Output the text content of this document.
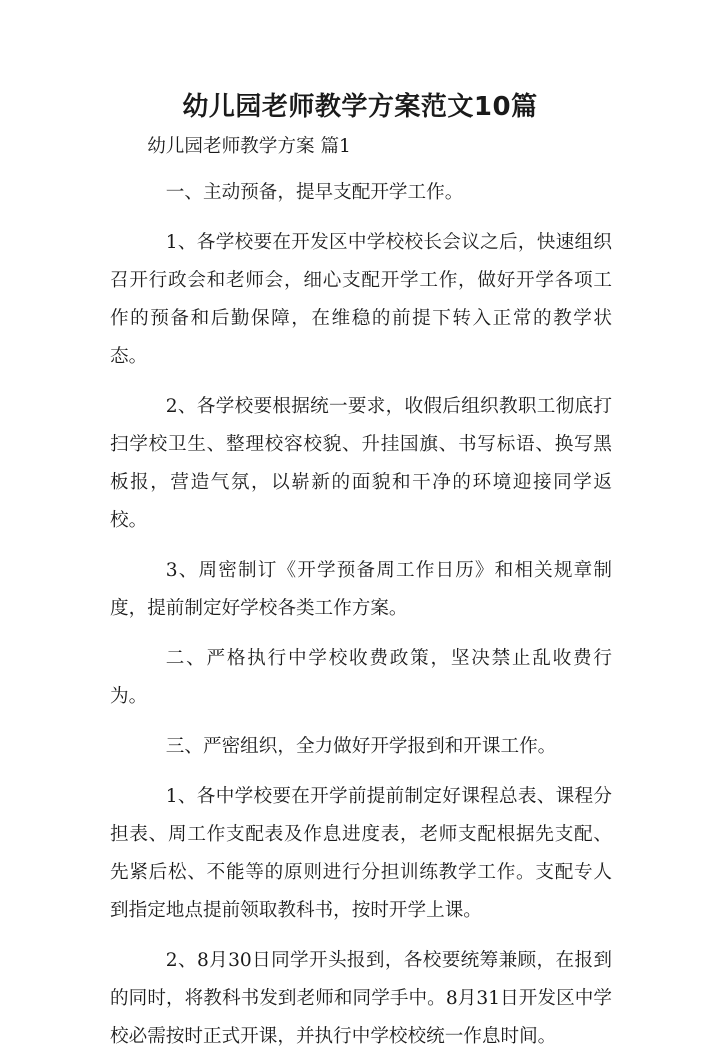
幼儿园老师教学方案范文10篇

幼儿园老师教学方案 篇1

一、主动预备，提早支配开学工作。

1、各学校要在开发区中学校校长会议之后，快速组织召开行政会和老师会，细心支配开学工作，做好开学各项工作的预备和后勤保障，在维稳的前提下转入正常的教学状态。

2、各学校要根据统一要求，收假后组织教职工彻底打扫学校卫生、整理校容校貌、升挂国旗、书写标语、换写黑板报，营造气氛，以崭新的面貌和干净的环境迎接同学返校。

3、周密制订《开学预备周工作日历》和相关规章制度，提前制定好学校各类工作方案。

二、严格执行中学校收费政策，坚决禁止乱收费行为。

三、严密组织，全力做好开学报到和开课工作。

1、各中学校要在开学前提前制定好课程总表、课程分担表、周工作支配表及作息进度表，老师支配根据先支配、先紧后松、不能等的原则进行分担训练教学工作。支配专人到指定地点提前领取教科书，按时开学上课。

2、8月30日同学开头报到，各校要统筹兼顾，在报到的同时，将教科书发到老师和同学手中。8月31日开发区中学校必需按时正式开课，并执行中学校校统一作息时间。
